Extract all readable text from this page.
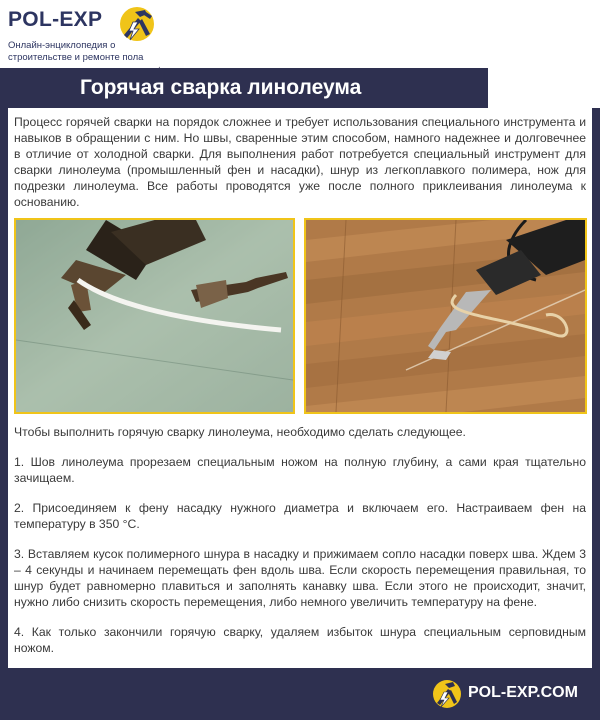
POL-EXP
Онлайн-энциклопедия о строительстве и ремонте пола
Горячая сварка линолеума

Процесс горячей сварки на порядок сложнее и требует использования специального инструмента и навыков в обращении с ним. Но швы, сваренные этим способом, намного надежнее и долговечнее в отличие от холодной сварки. Для выполнения работ потребуется специальный инструмент для сварки линолеума (промышленный фен и насадки), шнур из легкоплавкого полимера, нож для подрезки линолеума. Все работы проводятся уже после полного приклеивания линолеума к основанию.

Чтобы выполнить горячую сварку линолеума, необходимо сделать следующее.

1. Шов линолеума прорезаем специальным ножом на полную глубину, а сами края тщательно зачищаем.

2. Присоединяем к фену насадку нужного диаметра и включаем его. Настраиваем фен на температуру в 350 °С.

3. Вставляем кусок полимерного шнура в насадку и прижимаем сопло насадки поверх шва. Ждем 3 – 4 секунды и начинаем перемещать фен вдоль шва. Если скорость перемещения правильная, то шнур будет равномерно плавиться и заполнять канавку шва. Если этого не происходит, значит, нужно либо снизить скорость перемещения, либо немного увеличить температуру на фене.

4. Как только закончили горячую сварку, удаляем избыток шнура специальным серповидным ножом.

POL-EXP.COM
